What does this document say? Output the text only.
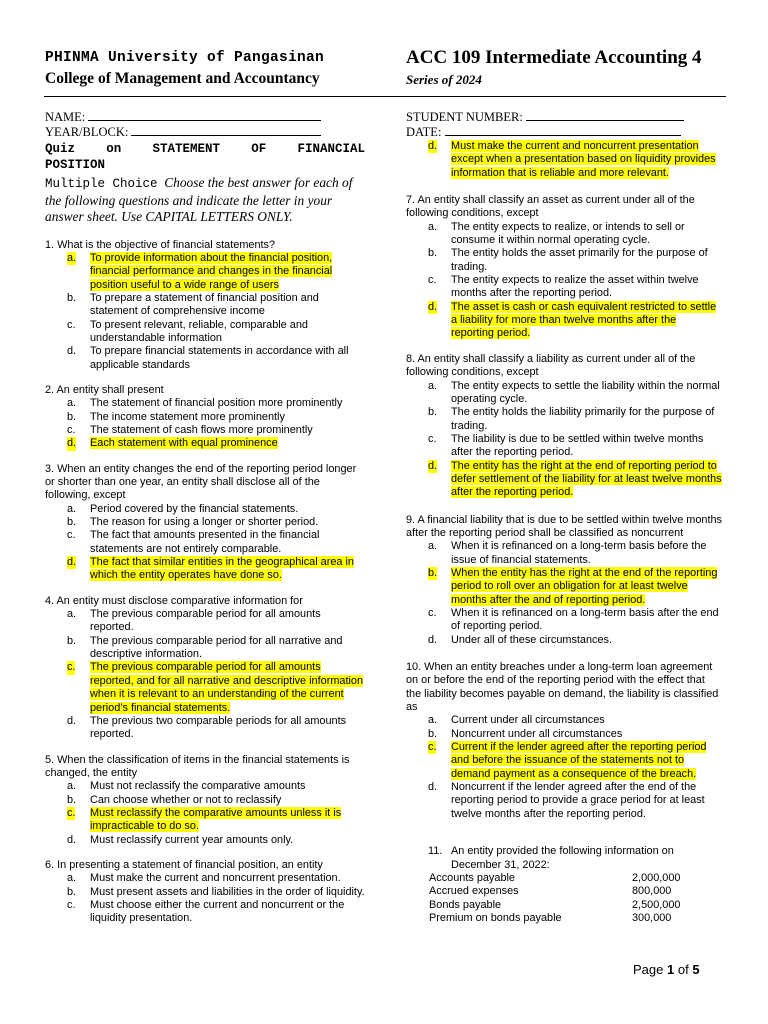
PHINMA University of Pangasinan
College of Management and Accountancy
ACC 109 Intermediate Accounting 4
Series of 2024
NAME:
YEAR/BLOCK:
Quiz on STATEMENT OF FINANCIAL
POSITION
Multiple Choice Choose the best answer for each of the following questions and indicate the letter in your answer sheet. Use CAPITAL LETTERS ONLY.
1. What is the objective of financial statements?
a. To provide information about the financial position, financial performance and changes in the financial position useful to a wide range of users
b. To prepare a statement of financial position and statement of comprehensive income
c. To present relevant, reliable, comparable and understandable information
d. To prepare financial statements in accordance with all applicable standards
2. An entity shall present
a. The statement of financial position more prominently
b. The income statement more prominently
c. The statement of cash flows more prominently
d. Each statement with equal prominence
3. When an entity changes the end of the reporting period longer or shorter than one year, an entity shall disclose all of the following, except
a. Period covered by the financial statements.
b. The reason for using a longer or shorter period.
c. The fact that amounts presented in the financial statements are not entirely comparable.
d. The fact that similar entities in the geographical area in which the entity operates have done so.
4. An entity must disclose comparative information for
a. The previous comparable period for all amounts reported.
b. The previous comparable period for all narrative and descriptive information.
c. The previous comparable period for all amounts reported, and for all narrative and descriptive information when it is relevant to an understanding of the current period’s financial statements.
d. The previous two comparable periods for all amounts reported.
5. When the classification of items in the financial statements is changed, the entity
a. Must not reclassify the comparative amounts
b. Can choose whether or not to reclassify
c. Must reclassify the comparative amounts unless it is impracticable to do so.
d. Must reclassify current year amounts only.
6. In presenting a statement of financial position, an entity
a. Must make the current and noncurrent presentation.
b. Must present assets and liabilities in the order of liquidity.
c. Must choose either the current and noncurrent or the liquidity presentation.
STUDENT NUMBER:
DATE:
d. Must make the current and noncurrent presentation except when a presentation based on liquidity provides information that is reliable and more relevant.
7. An entity shall classify an asset as current under all of the following conditions, except
a. The entity expects to realize, or intends to sell or consume it within normal operating cycle.
b. The entity holds the asset primarily for the purpose of trading.
c. The entity expects to realize the asset within twelve months after the reporting period.
d. The asset is cash or cash equivalent restricted to settle a liability for more than twelve months after the reporting period.
8. An entity shall classify a liability as current under all of the following conditions, except
a. The entity expects to settle the liability within the normal operating cycle.
b. The entity holds the liability primarily for the purpose of trading.
c. The liability is due to be settled within twelve months after the reporting period.
d. The entity has the right at the end of reporting period to defer settlement of the liability for at least twelve months after the reporting period.
9. A financial liability that is due to be settled within twelve months after the reporting period shall be classified as noncurrent
a. When it is refinanced on a long-term basis before the issue of financial statements.
b. When the entity has the right at the end of the reporting period to roll over an obligation for at least twelve months after the and of reporting period.
c. When it is refinanced on a long-term basis after the end of reporting period.
d. Under all of these circumstances.
10. When an entity breaches under a long-term loan agreement on or before the end of the reporting period with the effect that the liability becomes payable on demand, the liability is classified as
a. Current under all circumstances
b. Noncurrent under all circumstances
c. Current if the lender agreed after the reporting period and before the issuance of the statements not to demand payment as a consequence of the breach.
d. Noncurrent if the lender agreed after the end of the reporting period to provide a grace period for at least twelve months after the reporting period.
11. An entity provided the following information on December 31, 2022:
Accounts payable	2,000,000
Accrued expenses	800,000
Bonds payable	2,500,000
Premium on bonds payable	300,000
Page 1 of 5
